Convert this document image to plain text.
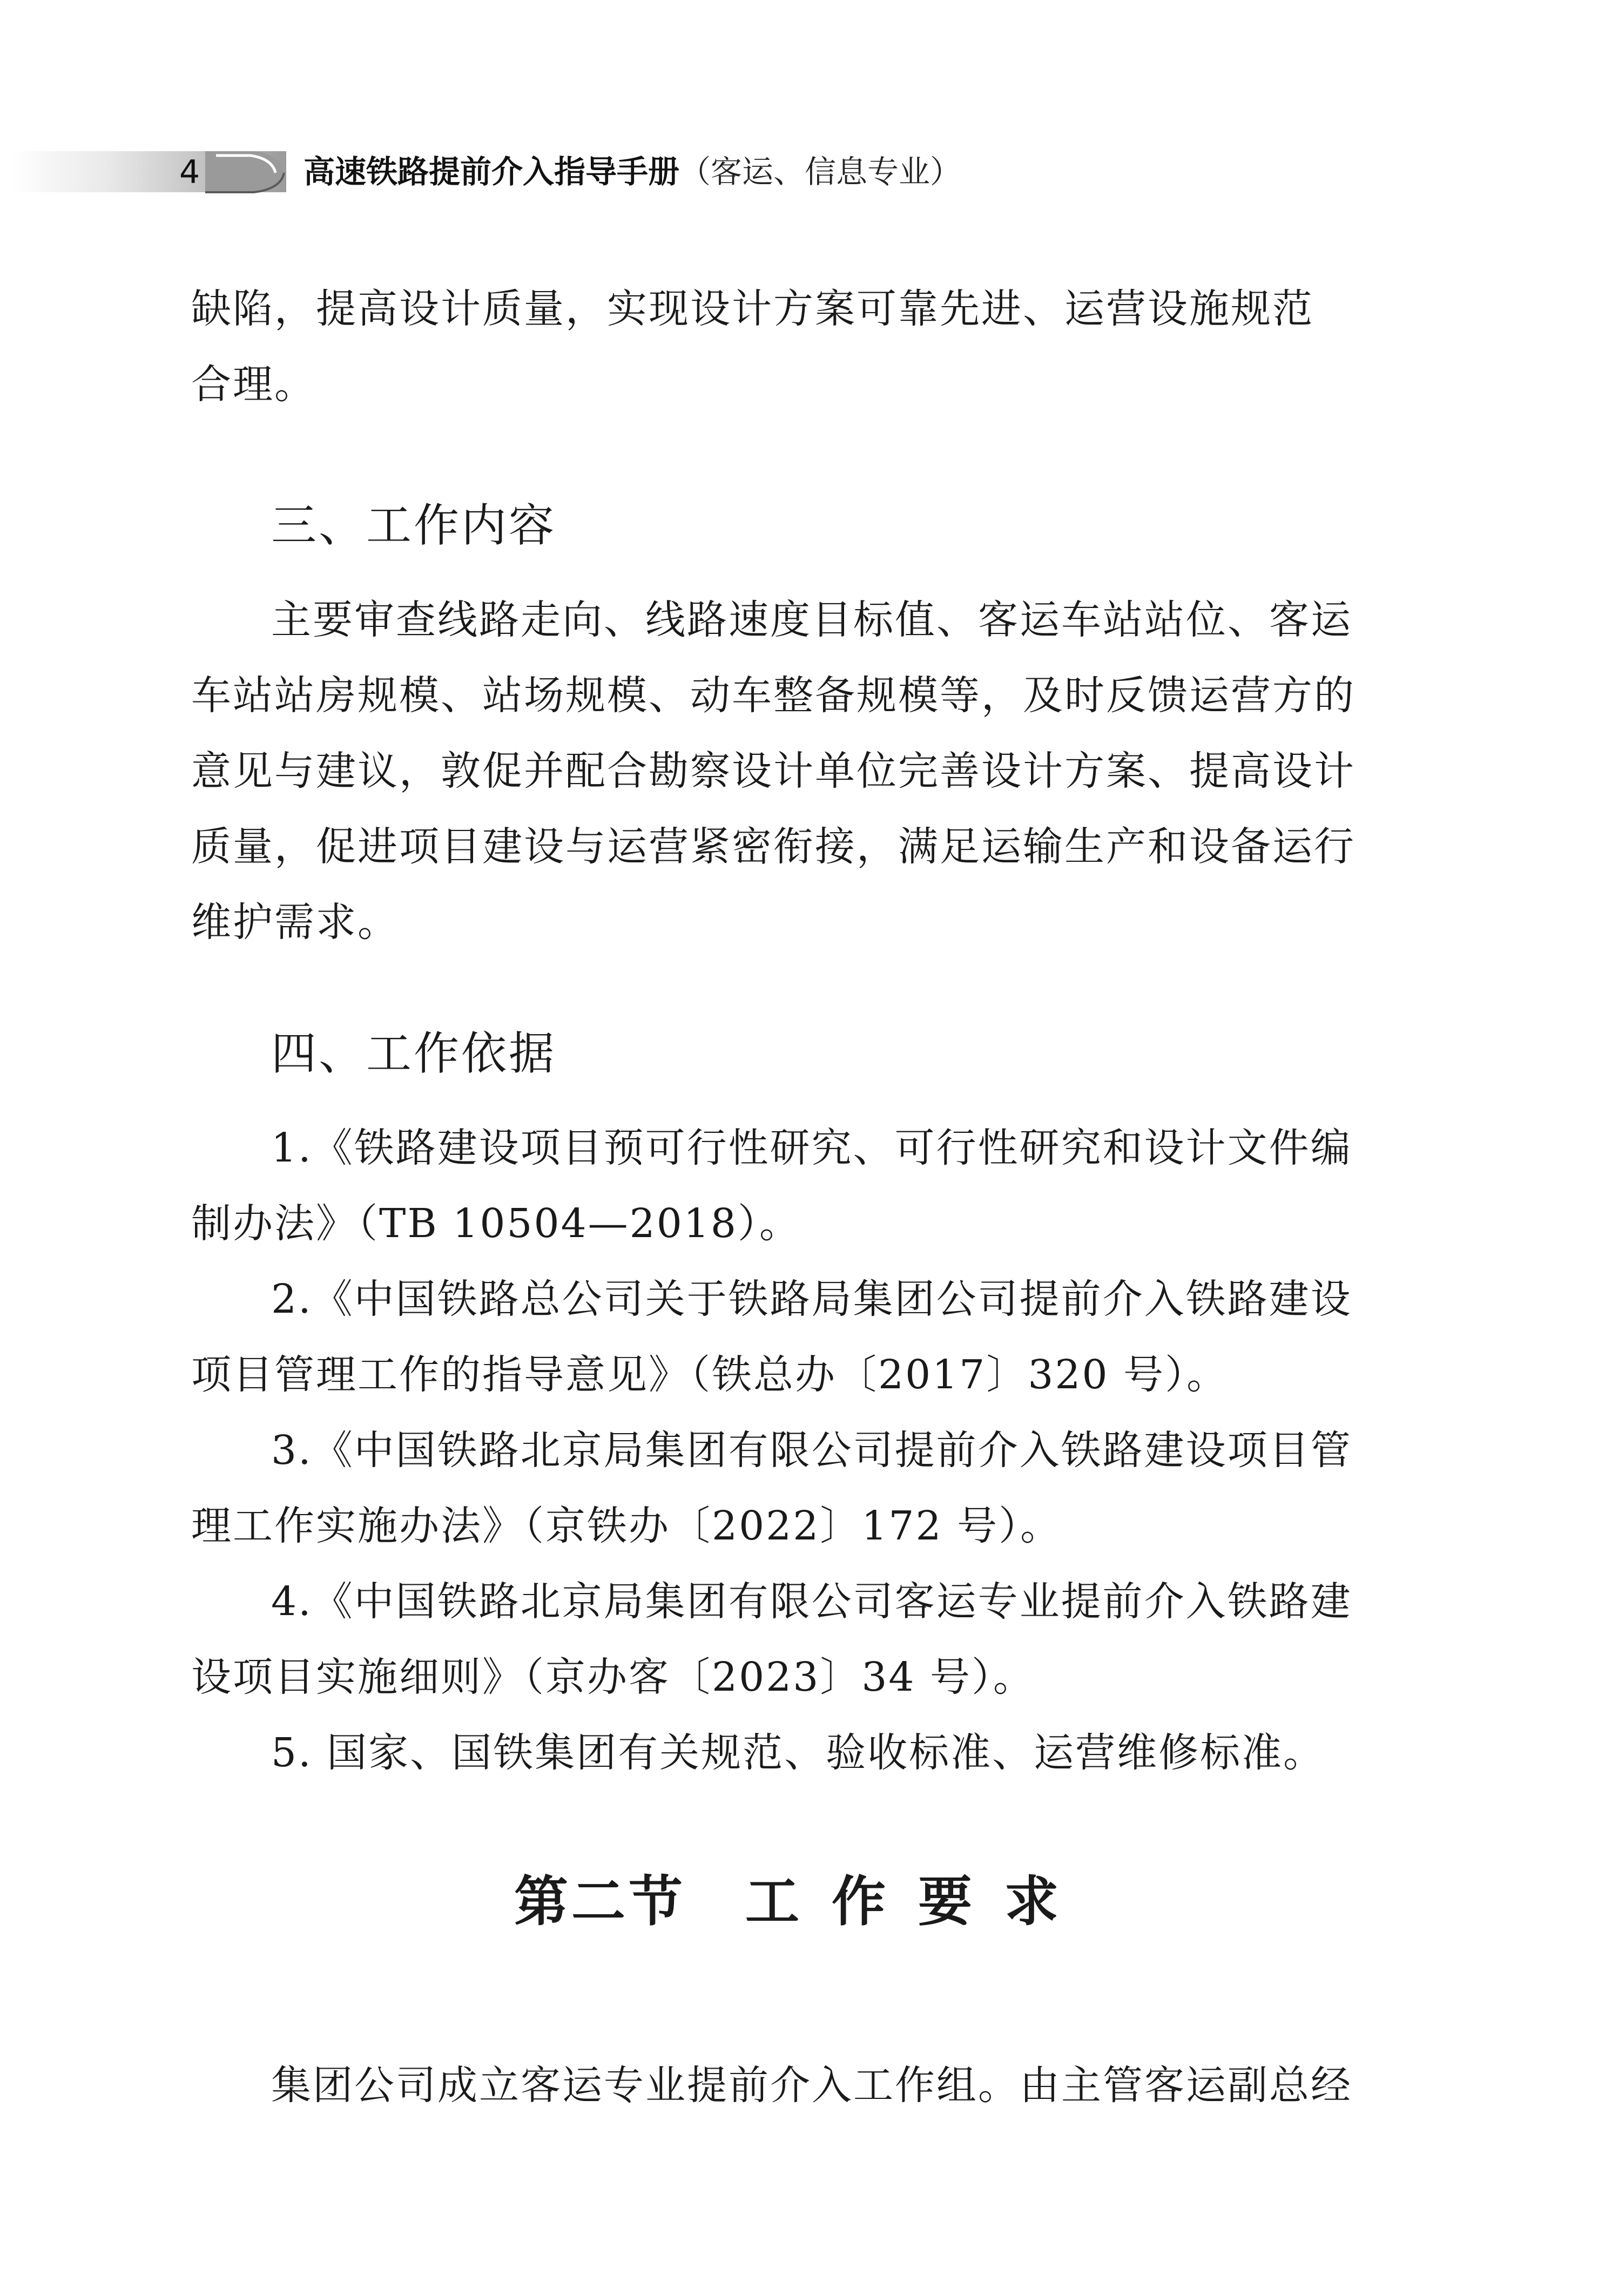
4	高速铁路提前介入指导手册（客运、信息专业）
缺陷，提高设计质量，实现设计方案可靠先进、运营设施规范
合理。
三、工作内容
主要审查线路走向、线路速度目标值、客运车站站位、客运
车站站房规模、站场规模、动车整备规模等，及时反馈运营方的
意见与建议，敦促并配合勘察设计单位完善设计方案、提高设计
质量，促进项目建设与运营紧密衔接，满足运输生产和设备运行
维护需求。
四、工作依据
1.《铁路建设项目预可行性研究、可行性研究和设计文件编
制办法》（TB 10504—2018）。
2.《中国铁路总公司关于铁路局集团公司提前介入铁路建设
项目管理工作的指导意见》（铁总办〔2017〕320 号）。
3.《中国铁路北京局集团有限公司提前介入铁路建设项目管
理工作实施办法》（京铁办〔2022〕172 号）。
4.《中国铁路北京局集团有限公司客运专业提前介入铁路建
设项目实施细则》（京办客〔2023〕34 号）。
5. 国家、国铁集团有关规范、验收标准、运营维修标准。
第二节 工作要求
集团公司成立客运专业提前介入工作组。由主管客运副总经
